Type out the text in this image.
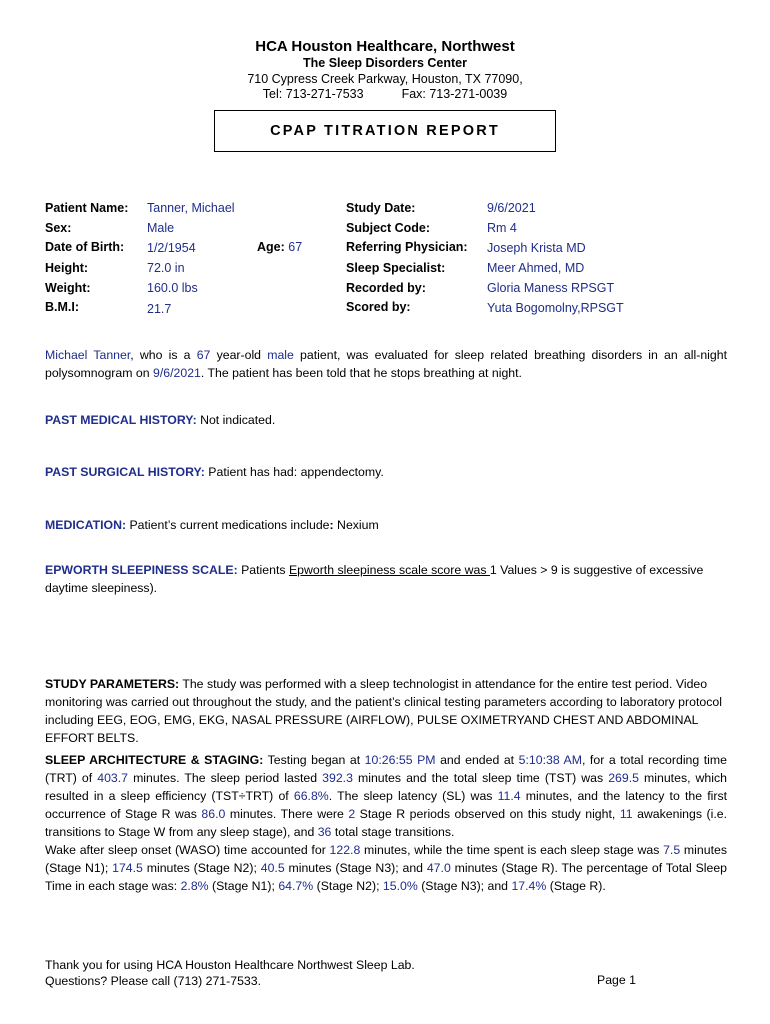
HCA Houston Healthcare, Northwest
The Sleep Disorders Center
710 Cypress Creek Parkway, Houston, TX 77090,
Tel: 713-271-7533	Fax: 713-271-0039
CPAP TITRATION REPORT
Patient Name: Tanner, Michael
Sex:	Male
Date of Birth: 1/2/1954	Age: 67
Height:	72.0 in
Weight:	160.0 lbs
B.M.I:	21.7
Study Date:	9/6/2021
Subject Code:	Rm 4
Referring Physician: Joseph Krista MD
Sleep Specialist:	Meer Ahmed, MD
Recorded by:	Gloria Maness RPSGT
Scored by:	Yuta Bogomolny,RPSGT
Michael Tanner, who is a 67 year-old male patient, was evaluated for sleep related breathing disorders in an all-night polysomnogram on 9/6/2021. The patient has been told that he stops breathing at night.
PAST MEDICAL HISTORY: Not indicated.
PAST SURGICAL HISTORY: Patient has had: appendectomy.
MEDICATION: Patient’s current medications include: Nexium
EPWORTH SLEEPINESS SCALE: Patients Epworth sleepiness scale score was 1 Values > 9 is suggestive of excessive daytime sleepiness).
STUDY PARAMETERS: The study was performed with a sleep technologist in attendance for the entire test period. Video monitoring was carried out throughout the study, and the patient’s clinical testing parameters according to laboratory protocol including EEG, EOG, EMG, EKG, NASAL PRESSURE (AIRFLOW), PULSE OXIMETRYAND CHEST AND ABDOMINAL EFFORT BELTS.
SLEEP ARCHITECTURE & STAGING: Testing began at 10:26:55 PM and ended at 5:10:38 AM, for a total recording time (TRT) of 403.7 minutes. The sleep period lasted 392.3 minutes and the total sleep time (TST) was 269.5 minutes, which resulted in a sleep efficiency (TST÷TRT) of 66.8%. The sleep latency (SL) was 11.4 minutes, and the latency to the first occurrence of Stage R was 86.0 minutes. There were 2 Stage R periods observed on this study night, 11 awakenings (i.e. transitions to Stage W from any sleep stage), and 36 total stage transitions.
Wake after sleep onset (WASO) time accounted for 122.8 minutes, while the time spent is each sleep stage was 7.5 minutes (Stage N1); 174.5 minutes (Stage N2); 40.5 minutes (Stage N3); and 47.0 minutes (Stage R). The percentage of Total Sleep Time in each stage was: 2.8% (Stage N1); 64.7% (Stage N2); 15.0% (Stage N3); and 17.4% (Stage R).
Thank you for using HCA Houston Healthcare Northwest Sleep Lab.
Questions? Please call (713) 271-7533.	Page 1
